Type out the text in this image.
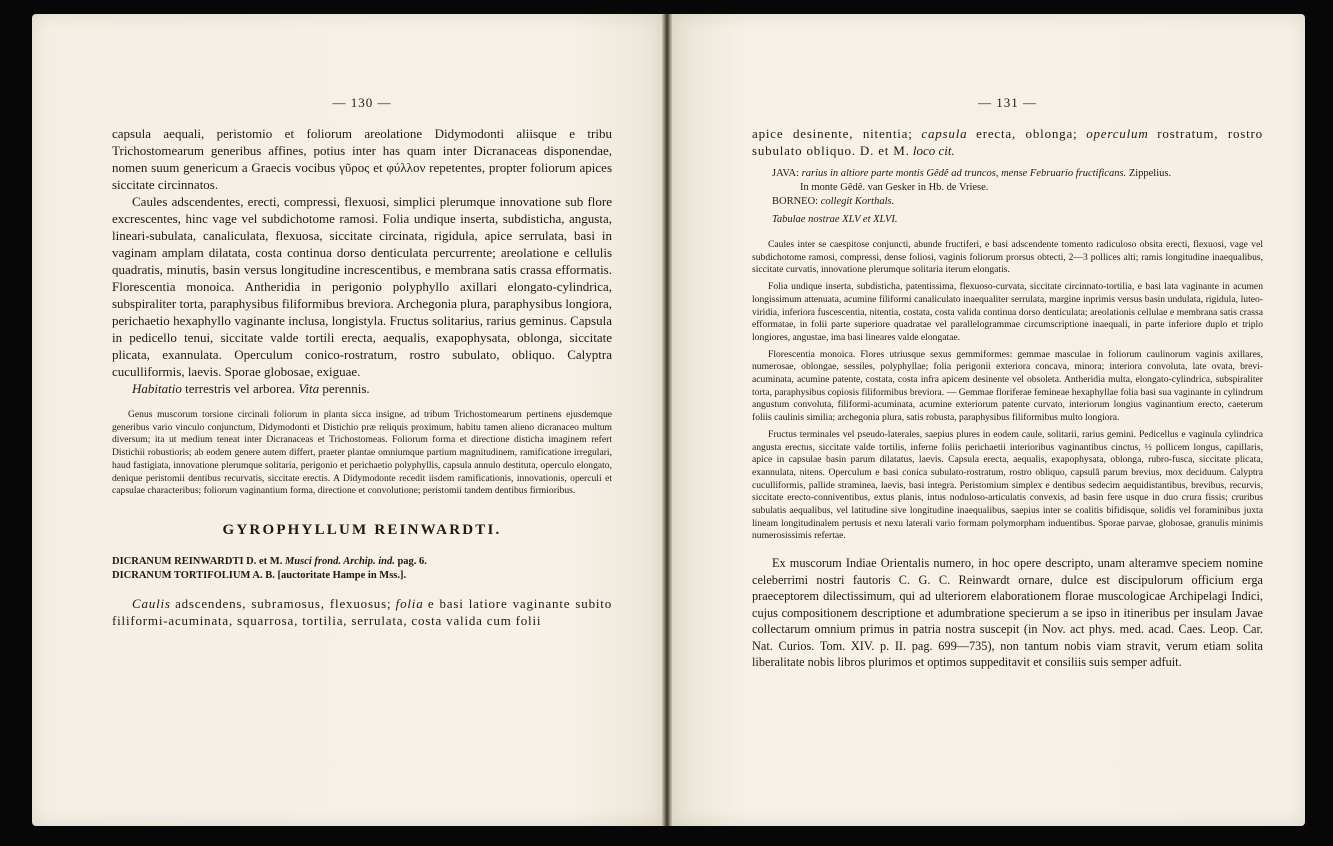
— 130 —

capsula aequali, peristomio et foliorum areolatione Didymodonti aliisque e tribu Trichostomearum generibus affines, potius inter has quam inter Dicranaceas disponendae, nomen suum genericum a Graecis vocibus γῦρος et φύλλον repetentes, propter foliorum apices siccitate circinnatos.

Caules adscendentes, erecti, compressi, flexuosi, simplici plerumque innovatione sub flore excrescentes, hinc vage vel subdichotome ramosi. Folia undique inserta, subdisticha, angusta, lineari-subulata, canaliculata, flexuosa, siccitate circinata, rigidula, apice serrulata, basi in vaginam amplam dilatata, costa continua dorso denticulata percurrente; areolatione e cellulis quadratis, minutis, basin versus longitudine increscentibus, e membrana satis crassa efformatis. Florescentia monoica. Antheridia in perigonio polyphyllo axillari elongato-cylindrica, subspiraliter torta, paraphysibus filiformibus breviora. Archegonia plura, paraphysibus longiora, perichaetio hexaphyllo vaginante inclusa, longistyla. Fructus solitarius, rarius geminus. Capsula in pedicello tenui, siccitate valde tortili erecta, aequalis, exapophysata, oblonga, siccitate plicata, exannulata. Operculum conico-rostratum, rostro subulato, obliquo. Calyptra cuculliformis, laevis. Sporae globosae, exiguae.

Habitatio terrestris vel arborea. Vita perennis.

Genus muscorum torsione circinali foliorum in planta sicca insigne, ad tribum Trichostomearum pertinens ejusdemque generibus vario vinculo conjunctum, Didymodonti et Distichio præ reliquis proximum, habitu tamen alieno dicranaceo multum diversum; ita ut medium teneat inter Dicranaceas et Trichostomeas. Foliorum forma et directione disticha imaginem refert Distichii robustioris; ab eodem genere autem differt, praeter plantae omniumque partium magnitudinem, ramificatione irregulari, haud fastigiata, innovatione plerumque solitaria, perigonio et perichaetio polyphyllis, capsula annulo destituta, operculo elongato, denique peristomii dentibus recurvatis, siccitate erectis. A Didymodonte recedit iisdem ramificationis, innovationis, operculi et capsulae characteribus; foliorum vaginantium forma, directione et convolutione; peristomii tandem dentibus firmioribus.

GYROPHYLLUM REINWARDTI.
DICRANUM REINWARDTI D. et M. Musci frond. Archip. ind. pag. 6.
DICRANUM TORTIFOLIUM A. B. [auctoritate Hampe in Mss.].

Caulis adscendens, subramosus, flexuosus; folia e basi latiore vaginante subito filiformi-acuminata, squarrosa, tortilia, serrulata, costa valida cum folii

— 131 —

apice desinente, nitentia; capsula erecta, oblonga; operculum rostratum, rostro subulato obliquo. D. et M. loco cit.

JAVA: rarius in altiore parte montis Gêdê ad truncos, mense Februario fructificans. Zippelius.
In monte Gêdê. van Gesker in Hb. de Vriese.
BORNEO: collegit Korthals.
Tabulae nostrae XLV et XLVI.

Caules inter se caespitose conjuncti, abunde fructiferi, e basi adscendente tomento radiculoso obsita erecti, flexuosi, vage vel subdichotome ramosi, compressi, dense foliosi, vaginis foliorum prorsus obtecti, 2—3 pollices alti; ramis longitudine inaequalibus, siccitate curvatis, innovatione plerumque solitaria iterum elongatis.

Folia undique inserta, subdisticha, patentissima, flexuoso-curvata, siccitate circinnato-tortilia, e basi lata vaginante in acumen longissimum attenuata, acumine filiformi canaliculato inaequaliter serrulata, margine inprimis versus basin undulata, rigidula, luteo-viridia, inferiora fuscescentia, nitentia, costata, costa valida continua dorso denticulata; areolationis cellulae e membrana satis crassa efformatae, in folii parte superiore quadratae vel parallelogrammae circumscriptione inaequali, in parte inferiore duplo et triplo longiores, angustae, ima basi lineares valde elongatae.

Florescentia monoica. Flores utriusque sexus gemmiformes: gemmae masculae in foliorum caulinorum vaginis axillares, numerosae, oblongae, sessiles, polyphyllae; folia perigonii exteriora concava, minora; interiora convoluta, late ovata, brevi-acuminata, acumine patente, costata, costa infra apicem desinente vel obsoleta. Antheridia multa, elongato-cylindrica, subspiraliter torta, paraphysibus copiosis filiformibus breviora. — Gemmae floriferae femineae hexaphyllae folia basi sua vaginante in cylindrum angustum convoluta, filiformi-acuminata, acumine exteriorum patente curvato, interiorum longius vaginantium erecto, caeterum foliis caulinis similia; archegonia plura, satis robusta, paraphysibus filiformibus multo longiora.

Fructus terminales vel pseudo-laterales, saepius plures in eodem caule, solitarii, rarius gemini. Pedicellus e vaginula cylindrica angusta erectus, siccitate valde tortilis, inferne foliis perichaetii interioribus vaginantibus cinctus, ½ pollicem longus, capillaris, apice in capsulae basin parum dilatatus, laevis. Capsula erecta, aequalis, exapophysata, oblonga, rubro-fusca, siccitate plicata, exannulata, nitens. Operculum e basi conica subulato-rostratum, rostro obliquo, capsulâ parum brevius, mox deciduum. Calyptra cuculliformis, pallide straminea, laevis, basi integra. Peristomium simplex e dentibus sedecim aequidistantibus, brevibus, recurvis, siccitate erecto-conniventibus, extus planis, intus noduloso-articulatis convexis, ad basin fere usque in duo crura fissis; cruribus subulatis aequalibus, vel latitudine sive longitudine inaequalibus, saepius inter se coalitis bifidisque, solidis vel foraminibus juxta lineam longitudinalem pertusis et nexu laterali vario formam polymorpham induentibus. Sporae parvae, globosae, granulis minimis numerosissimis refertae.

Ex muscorum Indiae Orientalis numero, in hoc opere descripto, unam alteramve speciem nomine celeberrimi nostri fautoris C. G. C. Reinwardt ornare, dulce est discipulorum officium erga praeceptorem dilectissimum, qui ad ulteriorem elaborationem florae muscologicae Archipelagi Indici, cujus compositionem descriptione et adumbratione specierum a se ipso in itineribus per insulam Javae collectarum omnium primus in patria nostra suscepit (in Nov. act phys. med. acad. Caes. Leop. Car. Nat. Curios. Tom. XIV. p. II. pag. 699—735), non tantum nobis viam stravit, verum etiam solita liberalitate nobis libros plurimos et optimos suppeditavit et consiliis suis semper adfuit.
